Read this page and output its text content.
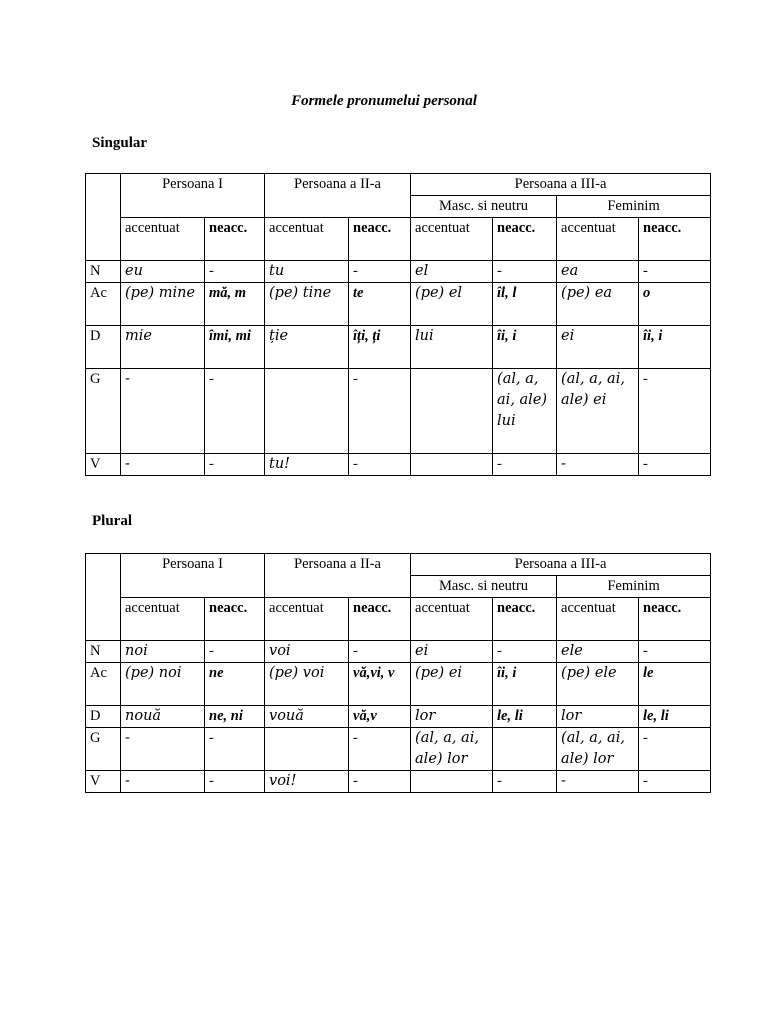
Formele pronumelui personal
Singular
Plural
	Persoana I		Persoana a II-a		Persoana a III-a			
					Masc. si neutru		Feminim	
	accentuat	neacc.	accentuat	neacc.	accentuat	neacc.	accentuat	neacc.
N	eu	-	tu	-	el	-	ea	-
Ac	(pe) mine	mă, m	(pe) tine	te	(pe) el	îl, l	(pe) ea	o
D	mie	îmi, mi	ție	îți, ți	lui	îi, i	ei	îi, i
G	-	-		-		(al, a, ai, ale) lui	(al, a, ai, ale) ei	-
V	-	-	tu!	-		-	-	-
	Persoana I		Persoana a II-a		Persoana a III-a			
					Masc. si neutru		Feminim	
	accentuat	neacc.	accentuat	neacc.	accentuat	neacc.	accentuat	neacc.
N	noi	-	voi	-	ei	-	ele	-
Ac	(pe) noi	ne	(pe) voi	vă,vi, v	(pe) ei	îi, i	(pe) ele	le
D	nouă	ne, ni	vouă	vă,v	lor	le, li	lor	le, li
G	-	-		-	(al, a, ai, ale) lor		(al, a, ai, ale) lor	-
V	-	-	voi!	-		-	-	-
